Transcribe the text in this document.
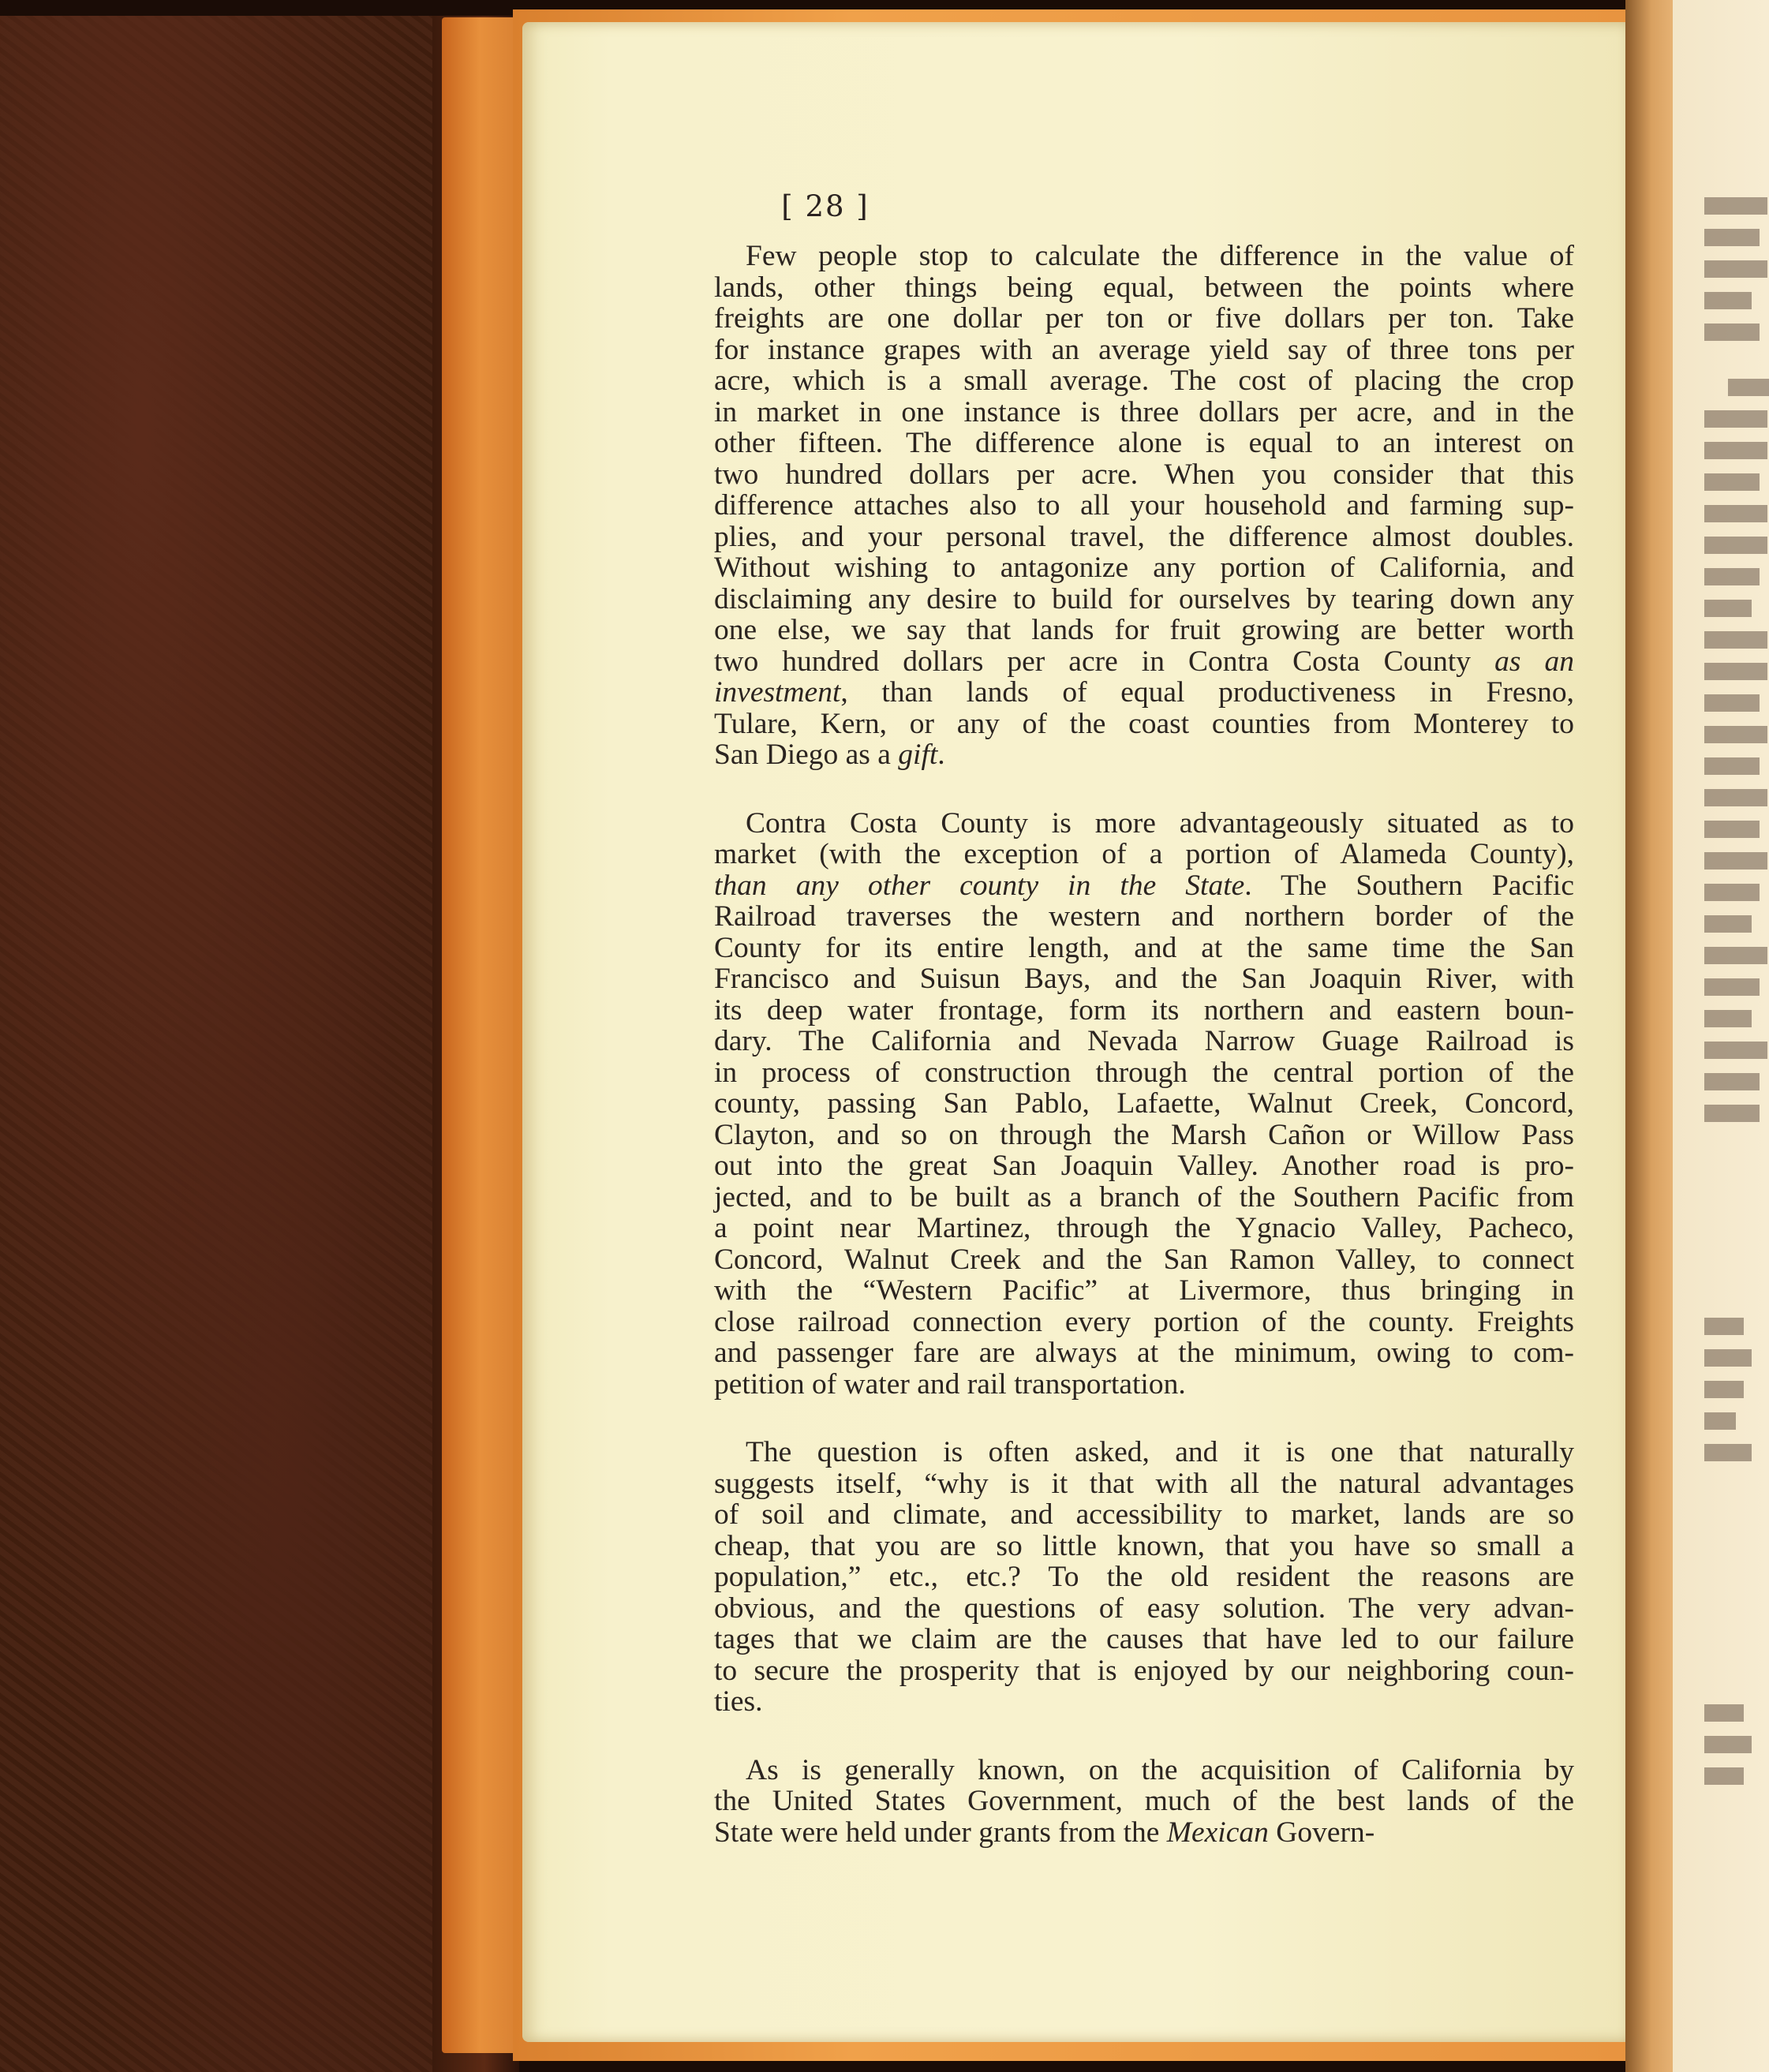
[ 28 ]
Few people stop to calculate the difference in the value of
lands, other things being equal, between the points where
freights are one dollar per ton or five dollars per ton. Take
for instance grapes with an average yield say of three tons per
acre, which is a small average. The cost of placing the crop
in market in one instance is three dollars per acre, and in the
other fifteen. The difference alone is equal to an interest on
two hundred dollars per acre. When you consider that this
difference attaches also to all your household and farming sup-
plies, and your personal travel, the difference almost doubles.
Without wishing to antagonize any portion of California, and
disclaiming any desire to build for ourselves by tearing down any
one else, we say that lands for fruit growing are better worth
two hundred dollars per acre in Contra Costa County as an
investment, than lands of equal productiveness in Fresno,
Tulare, Kern, or any of the coast counties from Monterey to
San Diego as a gift.
Contra Costa County is more advantageously situated as to
market (with the exception of a portion of Alameda County),
than any other county in the State. The Southern Pacific
Railroad traverses the western and northern border of the
County for its entire length, and at the same time the San
Francisco and Suisun Bays, and the San Joaquin River, with
its deep water frontage, form its northern and eastern boun-
dary. The California and Nevada Narrow Guage Railroad is
in process of construction through the central portion of the
county, passing San Pablo, Lafaette, Walnut Creek, Concord,
Clayton, and so on through the Marsh Cañon or Willow Pass
out into the great San Joaquin Valley. Another road is pro-
jected, and to be built as a branch of the Southern Pacific from
a point near Martinez, through the Ygnacio Valley, Pacheco,
Concord, Walnut Creek and the San Ramon Valley, to connect
with the “Western Pacific” at Livermore, thus bringing in
close railroad connection every portion of the county. Freights
and passenger fare are always at the minimum, owing to com-
petition of water and rail transportation.
The question is often asked, and it is one that naturally
suggests itself, “why is it that with all the natural advantages
of soil and climate, and accessibility to market, lands are so
cheap, that you are so little known, that you have so small a
population,” etc., etc.? To the old resident the reasons are
obvious, and the questions of easy solution. The very advan-
tages that we claim are the causes that have led to our failure
to secure the prosperity that is enjoyed by our neighboring coun-
ties.
As is generally known, on the acquisition of California by
the United States Government, much of the best lands of the
State were held under grants from the Mexican Govern-
